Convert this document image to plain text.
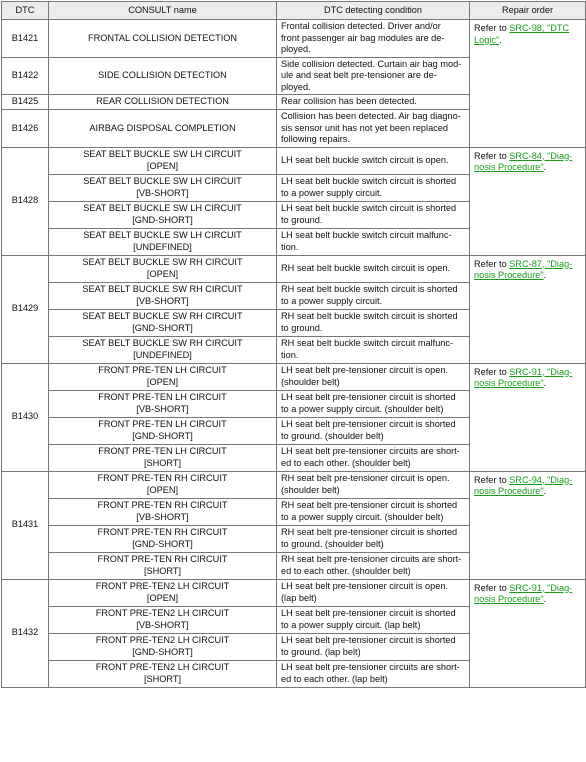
DTC	CONSULT name	DTC detecting condition	Repair order
B1421	FRONTAL COLLISION DETECTION	Frontal collision detected. Driver and/or
front passenger air bag modules are de-
ployed.	Refer to SRC-98, "DTC Logic".
B1422	SIDE COLLISION DETECTION	Side collision detected. Curtain air bag mod-
ule and seat belt pre-tensioner are de-
ployed.	
B1425	REAR COLLISION DETECTION	Rear collision has been detected.	
B1426	AIRBAG DISPOSAL COMPLETION	Collision has been detected. Air bag diagno-
sis sensor unit has not yet been replaced
following repairs.	
B1428	SEAT BELT BUCKLE SW LH CIRCUIT
[OPEN]	LH seat belt buckle switch circuit is open.	Refer to SRC-84, "Diag-
nosis Procedure".
	SEAT BELT BUCKLE SW LH CIRCUIT
[VB-SHORT]	LH seat belt buckle switch circuit is shorted
to a power supply circuit.	
	SEAT BELT BUCKLE SW LH CIRCUIT
[GND-SHORT]	LH seat belt buckle switch circuit is shorted
to ground.	
	SEAT BELT BUCKLE SW LH CIRCUIT
[UNDEFINED]	LH seat belt buckle switch circuit malfunc-
tion.	
B1429	SEAT BELT BUCKLE SW RH CIRCUIT
[OPEN]	RH seat belt buckle switch circuit is open.	Refer to SRC-87, "Diag-
nosis Procedure".
	SEAT BELT BUCKLE SW RH CIRCUIT
[VB-SHORT]	RH seat belt buckle switch circuit is shorted
to a power supply circuit.	
	SEAT BELT BUCKLE SW RH CIRCUIT
[GND-SHORT]	RH seat belt buckle switch circuit is shorted
to ground.	
	SEAT BELT BUCKLE SW RH CIRCUIT
[UNDEFINED]	RH seat belt buckle switch circuit malfunc-
tion.	
B1430	FRONT PRE-TEN LH CIRCUIT
[OPEN]	LH seat belt pre-tensioner circuit is open.
(shoulder belt)	Refer to SRC-91, "Diag-
nosis Procedure".
	FRONT PRE-TEN LH CIRCUIT
[VB-SHORT]	LH seat belt pre-tensioner circuit is shorted
to a power supply circuit. (shoulder belt)	
	FRONT PRE-TEN LH CIRCUIT
[GND-SHORT]	LH seat belt pre-tensioner circuit is shorted
to ground. (shoulder belt)	
	FRONT PRE-TEN LH CIRCUIT
[SHORT]	LH seat belt pre-tensioner circuits are short-
ed to each other. (shoulder belt)	
B1431	FRONT PRE-TEN RH CIRCUIT
[OPEN]	RH seat belt pre-tensioner circuit is open.
(shoulder belt)	Refer to SRC-94, "Diag-
nosis Procedure".
	FRONT PRE-TEN RH CIRCUIT
[VB-SHORT]	RH seat belt pre-tensioner circuit is shorted
to a power supply circuit. (shoulder belt)	
	FRONT PRE-TEN RH CIRCUIT
[GND-SHORT]	RH seat belt pre-tensioner circuit is shorted
to ground. (shoulder belt)	
	FRONT PRE-TEN RH CIRCUIT
[SHORT]	RH seat belt pre-tensioner circuits are short-
ed to each other. (shoulder belt)	
B1432	FRONT PRE-TEN2 LH CIRCUIT
[OPEN]	LH seat belt pre-tensioner circuit is open.
(lap belt)	Refer to SRC-91, "Diag-
nosis Procedure".
	FRONT PRE-TEN2 LH CIRCUIT
[VB-SHORT]	LH seat belt pre-tensioner circuit is shorted
to a power supply circuit. (lap belt)	
	FRONT PRE-TEN2 LH CIRCUIT
[GND-SHORT]	LH seat belt pre-tensioner circuit is shorted
to ground. (lap belt)	
	FRONT PRE-TEN2 LH CIRCUIT
[SHORT]	LH seat belt pre-tensioner circuits are short-
ed to each other. (lap belt)	
